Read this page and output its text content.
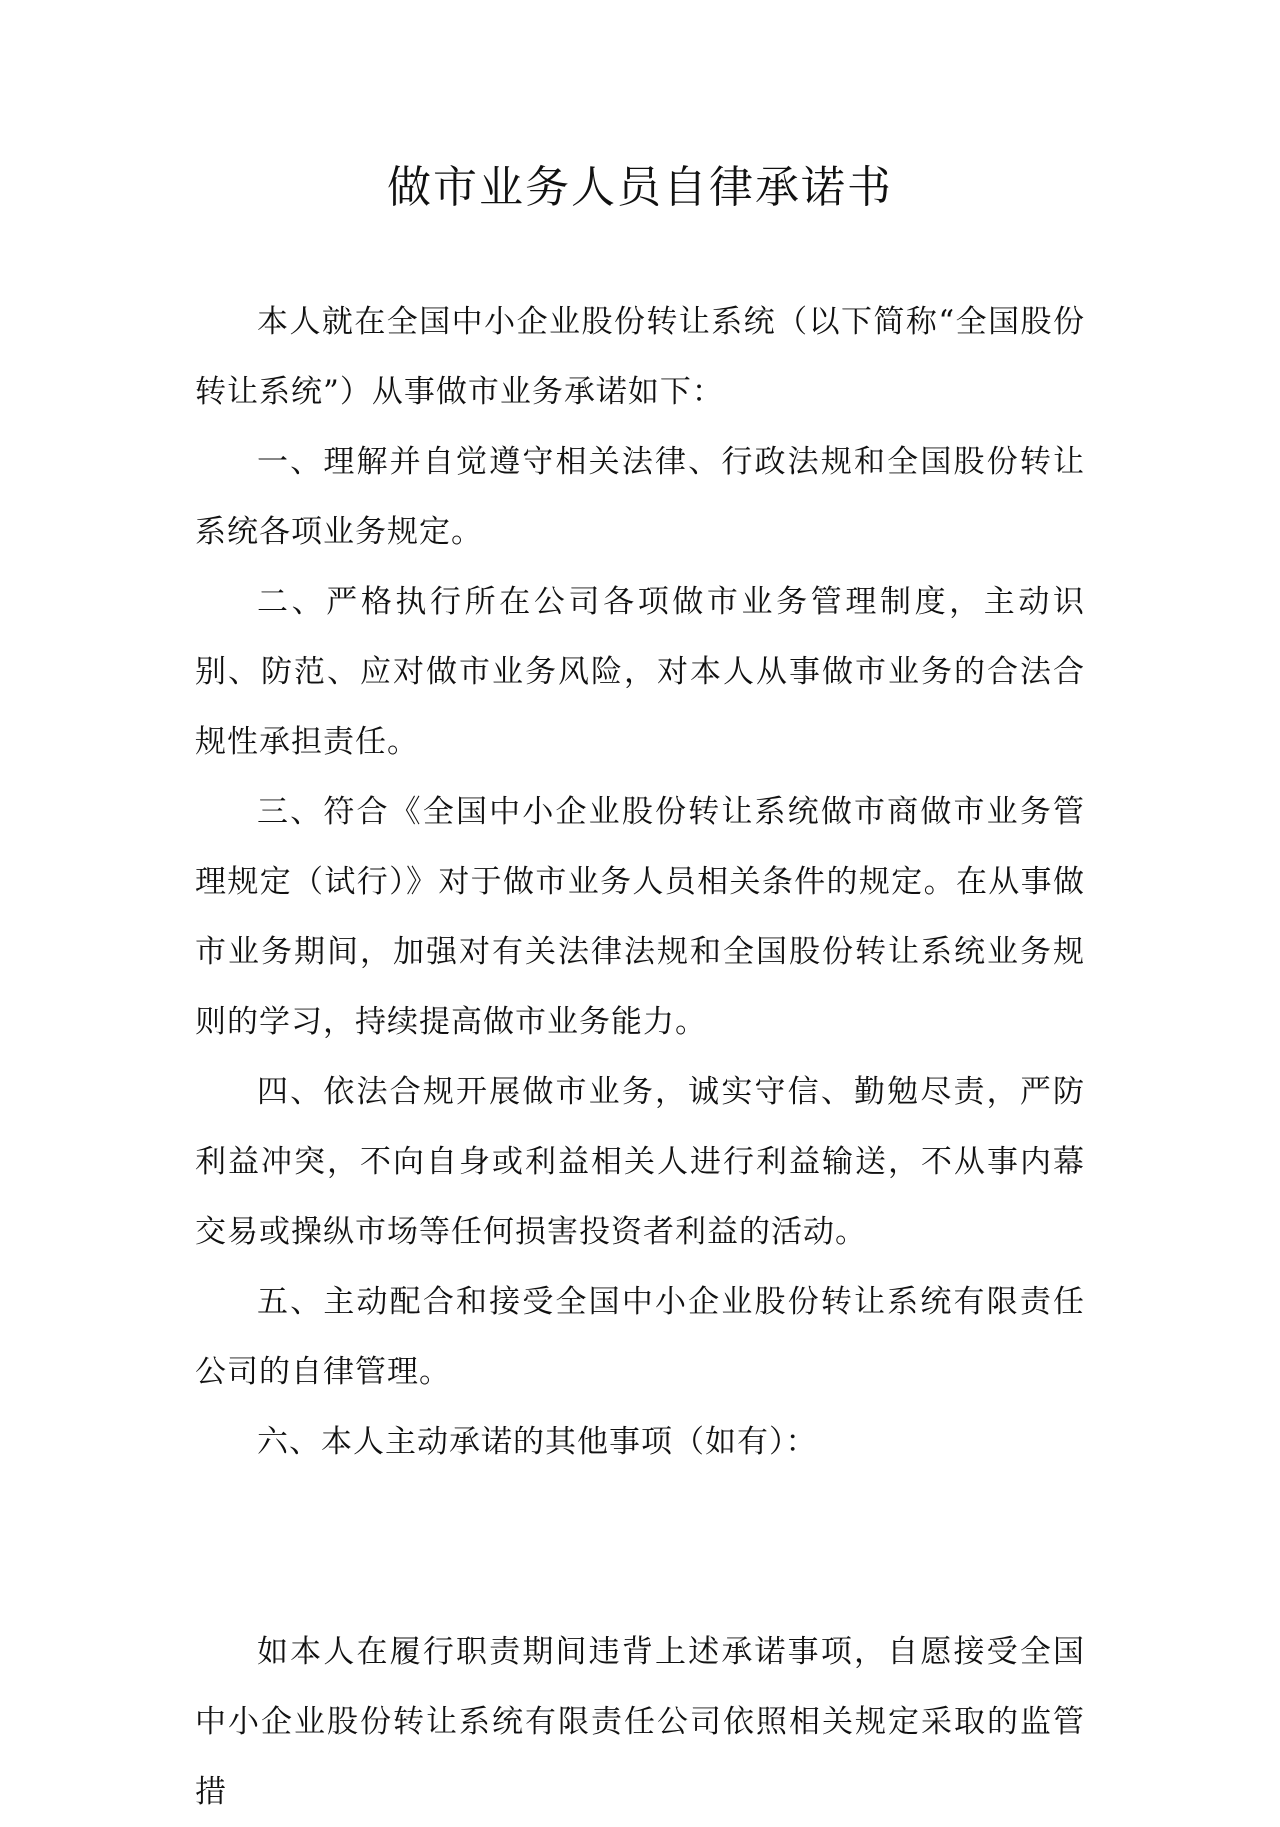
做市业务人员自律承诺书

本人就在全国中小企业股份转让系统（以下简称“全国股份转让系统”）从事做市业务承诺如下：

一、理解并自觉遵守相关法律、行政法规和全国股份转让系统各项业务规定。

二、严格执行所在公司各项做市业务管理制度，主动识别、防范、应对做市业务风险，对本人从事做市业务的合法合规性承担责任。

三、符合《全国中小企业股份转让系统做市商做市业务管理规定（试行）》对于做市业务人员相关条件的规定。在从事做市业务期间，加强对有关法律法规和全国股份转让系统业务规则的学习，持续提高做市业务能力。

四、依法合规开展做市业务，诚实守信、勤勉尽责，严防利益冲突，不向自身或利益相关人进行利益输送，不从事内幕交易或操纵市场等任何损害投资者利益的活动。

五、主动配合和接受全国中小企业股份转让系统有限责任公司的自律管理。

六、本人主动承诺的其他事项（如有）：

如本人在履行职责期间违背上述承诺事项，自愿接受全国中小企业股份转让系统有限责任公司依照相关规定采取的监管措
